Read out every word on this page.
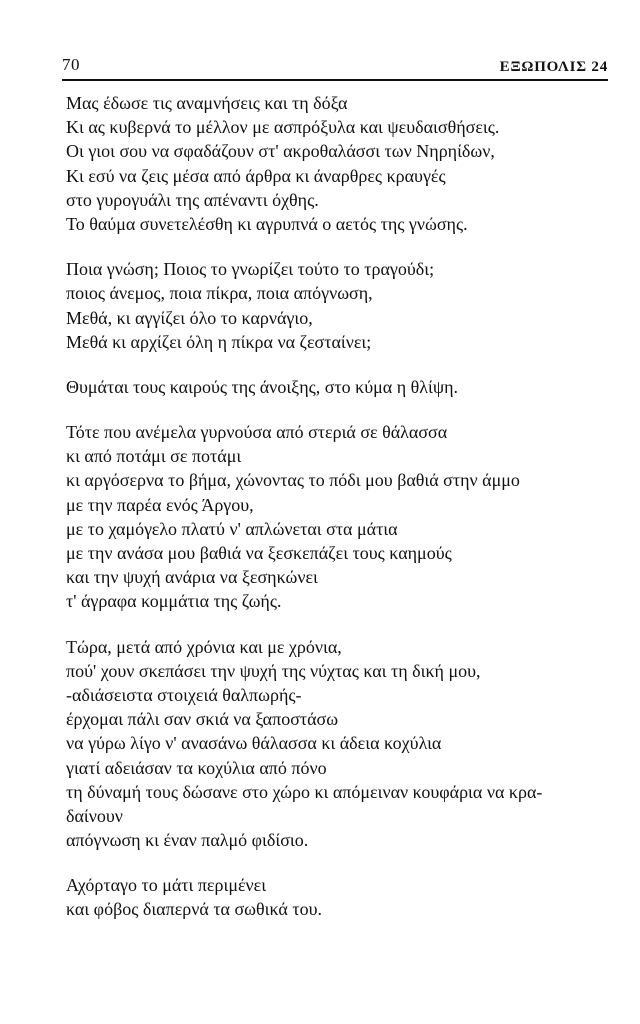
70	ΕΞΩΠΟΛΙΣ 24
Μας έδωσε τις αναμνήσεις και τη δόξα
Κι ας κυβερνά το μέλλον με ασπρόξυλα και ψευδαισθήσεις.
Οι γιοι σου να σφαδάζουν στ' ακροθαλάσσι των Νηρηίδων,
Κι εσύ να ζεις μέσα από άρθρα κι άναρθρες κραυγές
στο γυρογυάλι της απέναντι όχθης.
Το θαύμα συνετελέσθη κι αγρυπνά ο αετός της γνώσης.
Ποια γνώση; Ποιος το γνωρίζει τούτο το τραγούδι;
ποιος άνεμος, ποια πίκρα, ποια απόγνωση,
Μεθά, κι αγγίζει όλο το καρνάγιο,
Μεθά κι αρχίζει όλη η πίκρα να ζεσταίνει;
Θυμάται τους καιρούς της άνοιξης, στο κύμα η θλίψη.
Τότε που ανέμελα γυρνούσα από στεριά σε θάλασσα
κι από ποτάμι σε ποτάμι
κι αργόσερνα το βήμα, χώνοντας το πόδι μου βαθιά στην άμμο
με την παρέα ενός Άργου,
με το χαμόγελο πλατύ ν' απλώνεται στα μάτια
με την ανάσα μου βαθιά να ξεσκεπάζει τους καημούς
και την ψυχή ανάρια να ξεσηκώνει
τ' άγραφα κομμάτια της ζωής.
Τώρα, μετά από χρόνια και με χρόνια,
πού' χουν σκεπάσει την ψυχή της νύχτας και τη δική μου,
-αδιάσειστα στοιχειά θαλπωρής-
έρχομαι πάλι σαν σκιά να ξαποστάσω
να γύρω λίγο ν' ανασάνω θάλασσα κι άδεια κοχύλια
γιατί αδειάσαν τα κοχύλια από πόνο
τη δύναμή τους δώσανε στο χώρο κι απόμειναν κουφάρια να κρα-
δαίνουν
απόγνωση κι έναν παλμό φιδίσιο.
Αχόρταγο το μάτι περιμένει
και φόβος διαπερνά τα σωθικά του.
